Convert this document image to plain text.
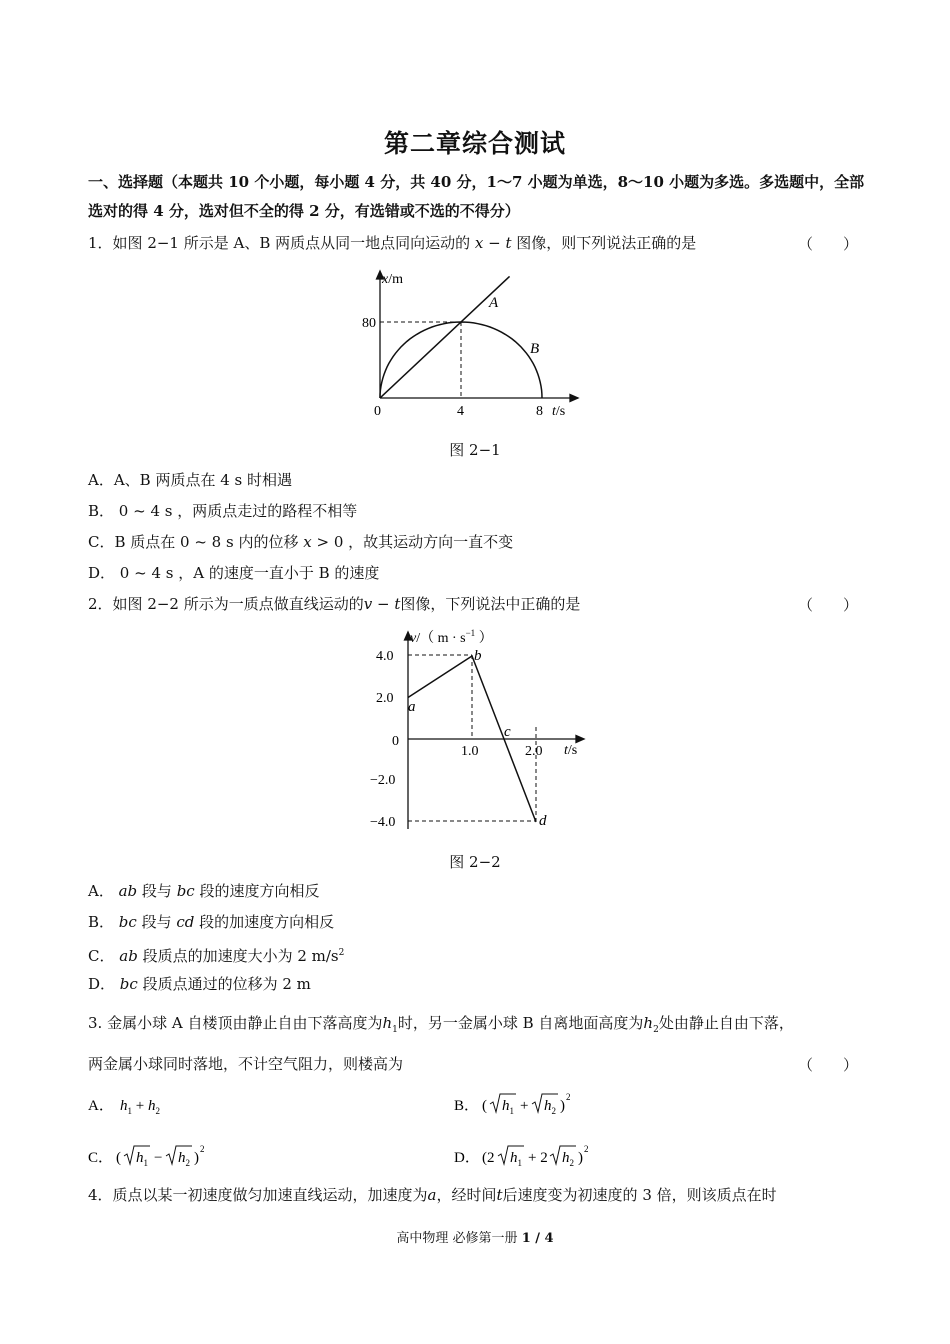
第二章综合测试
一、选择题（本题共 10 个小题，每小题 4 分，共 40 分，1～7 小题为单选，8～10 小题为多选。多选题中，全部选对的得 4 分，选对但不全的得 2 分，有选错或不选的不得分）
1．如图 2−1 所示是 A、B 两质点从同一地点同向运动的 x − t 图像，则下列说法正确的是	（　　）
x/m
t/s
80
0	4	8
A
B
图 2−1
A．A、B 两质点在 4 s 时相遇
B． 0 ~ 4 s ，两质点走过的路程不相等
C．B 质点在 0 ~ 8 s 内的位移 x > 0 ，故其运动方向一直不变
D． 0 ~ 4 s ，A 的速度一直小于 B 的速度
2．如图 2−2 所示为一质点做直线运动的v − t图像，下列说法中正确的是	（　　）
v/（ $m \cdot s^{-1}$ ）
t/s
4.0
2.0
0
−2.0
−4.0
1.0	2.0
a
b
c
d
图 2−2
A． ab 段与 bc 段的速度方向相反
B． bc 段与 cd 段的加速度方向相反
C． ab 段质点的加速度大小为 2 $m/s^2$
D． bc 段质点通过的位移为 2 m
3. 金属小球 A 自楼顶由静止自由下落高度为$h_1$时，另一金属小球 B 自离地面高度为$h_2$处由静止自由下落，
两金属小球同时落地，不计空气阻力，则楼高为	（　　）
A． $h_1 + h_2$	B． ( $h_1 + h_2$ )
2
C． ( $h_1 - h_2$ )
2
D． (2 $h_1 + 2$ $h_2$ )
2
4．质点以某一初速度做匀加速直线运动，加速度为a，经时间t后速度变为初速度的 3 倍，则该质点在时
高中物理 必修第一册 1 / 4
